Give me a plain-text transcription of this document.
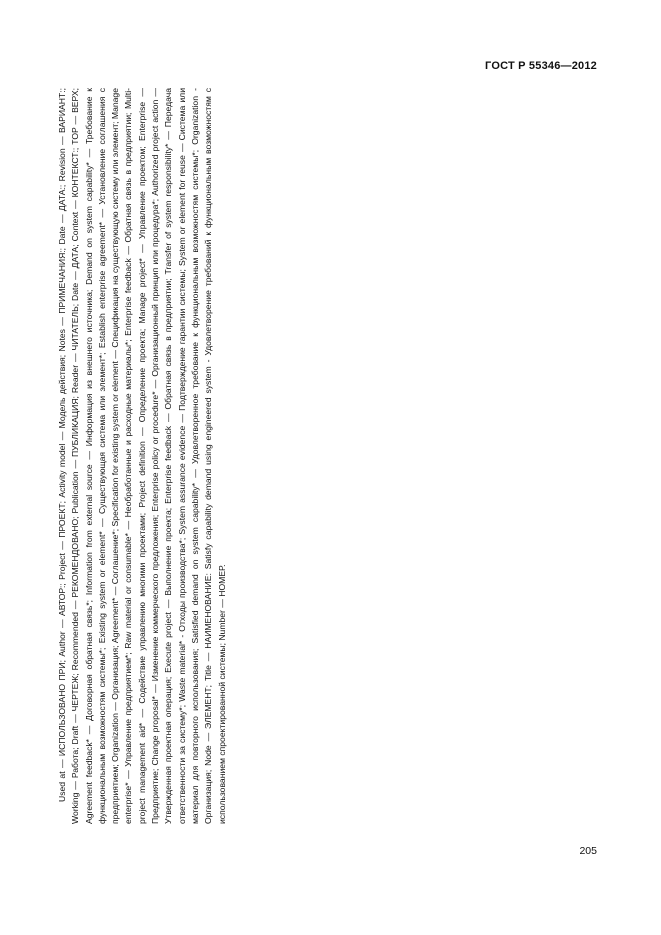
ГОСТ Р 55346—2012

Used at — ИСПОЛЬЗОВАНО ПРИ; Author — АВТОР:; Project — ПРОЕКТ; Activity model — Модель действия; Notes — ПРИМЕЧАНИЯ:; Date — ДАТА:; Revision — ВАРИАНТ:; Working — Работа; Draft — ЧЕРТЕЖ; Recommended — РЕКОМЕНДОВАНО; Publication — ПУБЛИКАЦИЯ; Reader — ЧИТАТЕЛЬ; Date — ДАТА; Context — КОНТЕКСТ:; TOP — ВЕРХ; Agreement feedback* — Договорная обратная связь*; Information from external source — Информация из внешнего источника; Demand on system capability* — Требование к функциональным возможностям системы*; Existing system or element* — Существующая система или элемент*; Establish enterprise agreement* — Установление соглашения с предприятием; Organization — Организация; Agreement* — Соглашение*; Specification for existing system or element — Спецификация на существующую систему или элемент; Manage enterprise* — Управление предприятием*; Raw material or consumable* — Необработанные и расходные материалы*; Enterprise feedback — Обратная связь в предприятии; Multi-project management aid* — Содействие управлению многими проектами; Project definition — Определение проекта; Manage project* — Управление проектом; Enterprise — Предприятие; Change proposal* — Изменение коммерческого предложения; Enterprise policy or procedure* — Организационный принцип или процедура*; Authorized project action — Утвержденная проектная операция; Execute project — Выполнение проекта; Enterprise feedback — Обратная связь в предприятии; Transfer of system responsibility* — Передача ответственности за систему*; Waste material* - Отходы производства*; System assurance evidence — Подтверждение гарантии системы; System or element for reuse — Система или материал для повторного использования; Satisfied demand on system capability* — Удовлетворенное требование к функциональным возможностям системы*; Organization - Организация; Node — ЭЛЕМЕНТ; Title — НАИМЕНОВАНИЕ: Satisfy capability demand using engineered system - Удовлетворение требований к функциональным возможностям с использованием спроектированной системы; Number — НОМЕР.

205
